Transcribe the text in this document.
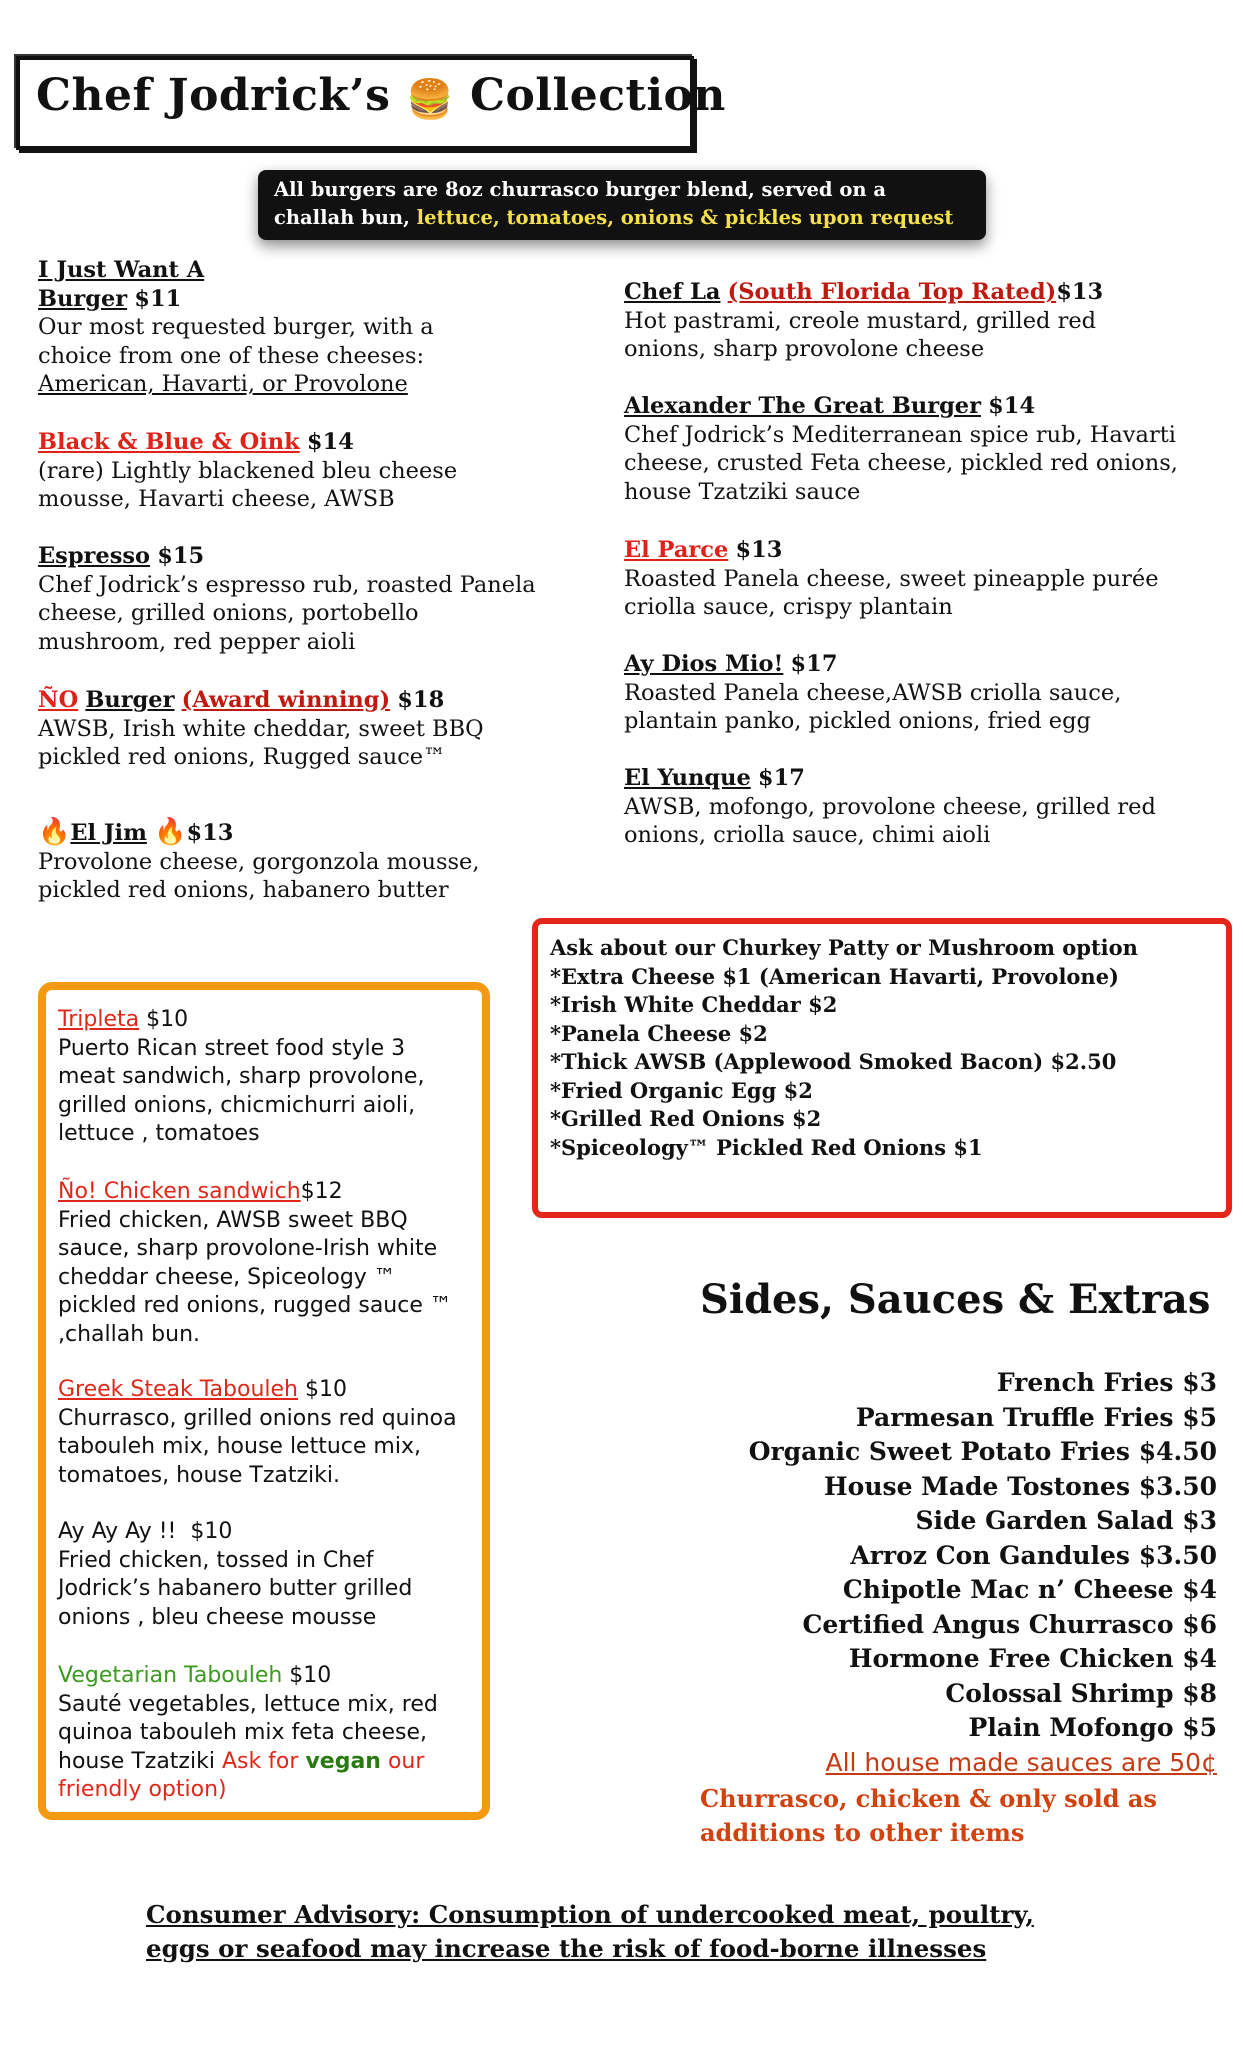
Chef Jodrick’s 🍔 Collection
All burgers are 8oz churrasco burger blend, served on a
challah bun, lettuce, tomatoes, onions & pickles upon request
I Just Want A
Burger $11
Our most requested burger, with a choice from one of these cheeses:
American, Havarti, or Provolone
Black & Blue & Oink $14
(rare) Lightly blackened bleu cheese mousse, Havarti cheese, AWSB
Espresso $15
Chef Jodrick’s espresso rub, roasted Panela cheese, grilled onions, portobello mushroom, red pepper aioli
ÑO Burger (Award winning) $18
AWSB, Irish white cheddar, sweet BBQ pickled red onions, Rugged sauce™
🔥El Jim 🔥$13
Provolone cheese, gorgonzola mousse, pickled red onions, habanero butter
Chef La (South Florida Top Rated)$13
Hot pastrami, creole mustard, grilled red onions, sharp provolone cheese
Alexander The Great Burger $14
Chef Jodrick’s Mediterranean spice rub, Havarti cheese, crusted Feta cheese, pickled red onions, house Tzatziki sauce
El Parce $13
Roasted Panela cheese, sweet pineapple purée criolla sauce, crispy plantain
Ay Dios Mio! $17
Roasted Panela cheese,AWSB criolla sauce, plantain panko, pickled onions, fried egg
El Yunque $17
AWSB, mofongo, provolone cheese, grilled red onions, criolla sauce, chimi aioli
Tripleta $10
Puerto Rican street food style 3 meat sandwich, sharp provolone, grilled onions, chicmichurri aioli, lettuce , tomatoes
Ño! Chicken sandwich$12
Fried chicken, AWSB sweet BBQ sauce, sharp provolone-Irish white cheddar cheese, Spiceology ™ pickled red onions, rugged sauce ™ ,challah bun.
Greek Steak Tabouleh $10
Churrasco, grilled onions red quinoa tabouleh mix, house lettuce mix, tomatoes, house Tzatziki.
Ay Ay Ay !!  $10
Fried chicken, tossed in Chef Jodrick’s habanero butter grilled onions , bleu cheese mousse
Vegetarian Tabouleh $10
Sauté vegetables, lettuce mix, red quinoa tabouleh mix feta cheese, house Tzatziki Ask for vegan our friendly option)
Ask about our Churkey Patty or Mushroom option
*Extra Cheese $1 (American Havarti, Provolone)
*Irish White Cheddar $2
*Panela Cheese $2
*Thick AWSB (Applewood Smoked Bacon) $2.50
*Fried Organic Egg $2
*Grilled Red Onions $2
*Spiceology™ Pickled Red Onions $1
Sides, Sauces & Extras
French Fries $3
Parmesan Truffle Fries $5
Organic Sweet Potato Fries $4.50
House Made Tostones $3.50
Side Garden Salad $3
Arroz Con Gandules $3.50
Chipotle Mac n’ Cheese $4
Certified Angus Churrasco $6
Hormone Free Chicken $4
Colossal Shrimp $8
Plain Mofongo $5
All house made sauces are 50¢
Churrasco, chicken & only sold as
additions to other items
Consumer Advisory: Consumption of undercooked meat, poultry,
eggs or seafood may increase the risk of food-borne illnesses
